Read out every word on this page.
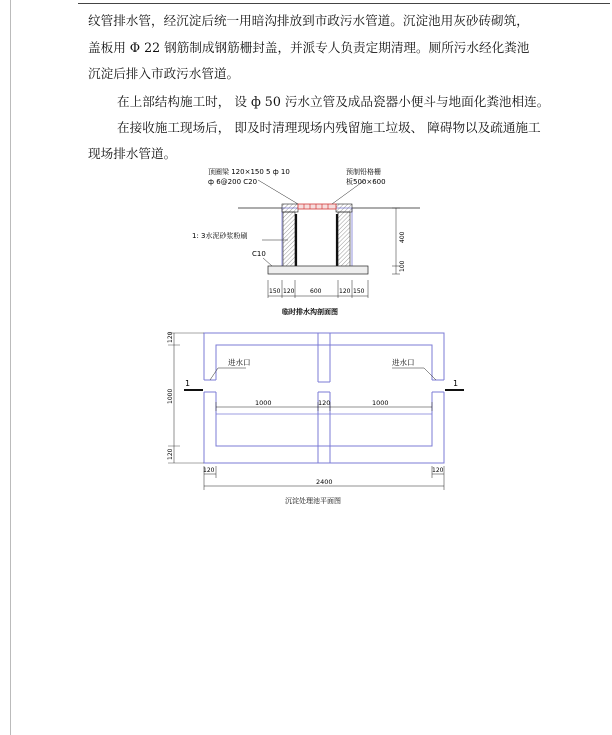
纹管排水管，经沉淀后统一用暗沟排放到市政污水管道。沉淀池用灰砂砖砌筑，
盖板用 Φ 22 钢筋制成钢筋栅封盖，并派专人负责定期清理。厕所污水经化粪池
沉淀后排入市政污水管道。
在上部结构施工时， 设 ф 50 污水立管及成品瓷器小便斗与地面化粪池相连。
在接收施工现场后， 即及时清理现场内残留施工垃圾、 障碍物以及疏通施工
现场排水管道。
顶圈梁 120×150 5 ф 10
ф 6@200 C20
预制铅格栅
板500×600
1: 3水泥砂浆粉刷
C10
400
100
150 120	600	120 150
临时排水沟剖面图
进水口	进水口
1	1
1000	120	1000
120	120
2400
120
1000
120
沉淀处理池平面图
